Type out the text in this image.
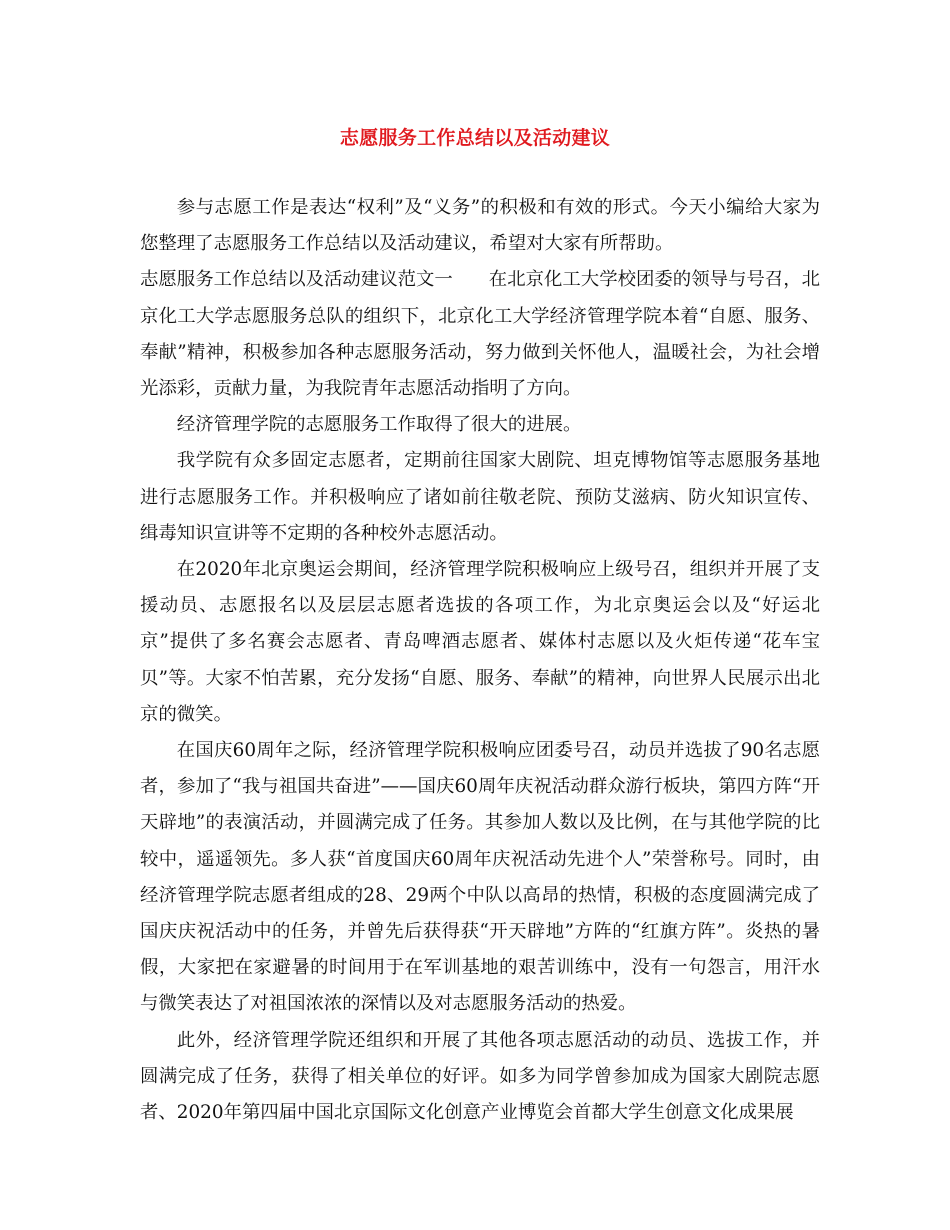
志愿服务工作总结以及活动建议

参与志愿工作是表达“权利”及“义务”的积极和有效的形式。今天小编给大家为您整理了志愿服务工作总结以及活动建议，希望对大家有所帮助。

志愿服务工作总结以及活动建议范文一 在北京化工大学校团委的领导与号召，北京化工大学志愿服务总队的组织下，北京化工大学经济管理学院本着“自愿、服务、奉献”精神，积极参加各种志愿服务活动，努力做到关怀他人，温暖社会，为社会增光添彩，贡献力量，为我院青年志愿活动指明了方向。

经济管理学院的志愿服务工作取得了很大的进展。

我学院有众多固定志愿者，定期前往国家大剧院、坦克博物馆等志愿服务基地进行志愿服务工作。并积极响应了诸如前往敬老院、预防艾滋病、防火知识宣传、缉毒知识宣讲等不定期的各种校外志愿活动。

在2020年北京奥运会期间，经济管理学院积极响应上级号召，组织并开展了支援动员、志愿报名以及层层志愿者选拔的各项工作，为北京奥运会以及“好运北京”提供了多名赛会志愿者、青岛啤酒志愿者、媒体村志愿以及火炬传递“花车宝贝”等。大家不怕苦累，充分发扬“自愿、服务、奉献”的精神，向世界人民展示出北京的微笑。

在国庆60周年之际，经济管理学院积极响应团委号召，动员并选拔了90名志愿者，参加了“我与祖国共奋进”——国庆60周年庆祝活动群众游行板块，第四方阵“开天辟地”的表演活动，并圆满完成了任务。其参加人数以及比例，在与其他学院的比较中，遥遥领先。多人获“首度国庆60周年庆祝活动先进个人”荣誉称号。同时，由经济管理学院志愿者组成的28、29两个中队以高昂的热情，积极的态度圆满完成了国庆庆祝活动中的任务，并曾先后获得获“开天辟地”方阵的“红旗方阵”。炎热的暑假，大家把在家避暑的时间用于在军训基地的艰苦训练中，没有一句怨言，用汗水与微笑表达了对祖国浓浓的深情以及对志愿服务活动的热爱。

此外，经济管理学院还组织和开展了其他各项志愿活动的动员、选拔工作，并圆满完成了任务，获得了相关单位的好评。如多为同学曾参加成为国家大剧院志愿者、2020年第四届中国北京国际文化创意产业博览会首都大学生创意文化成果展
